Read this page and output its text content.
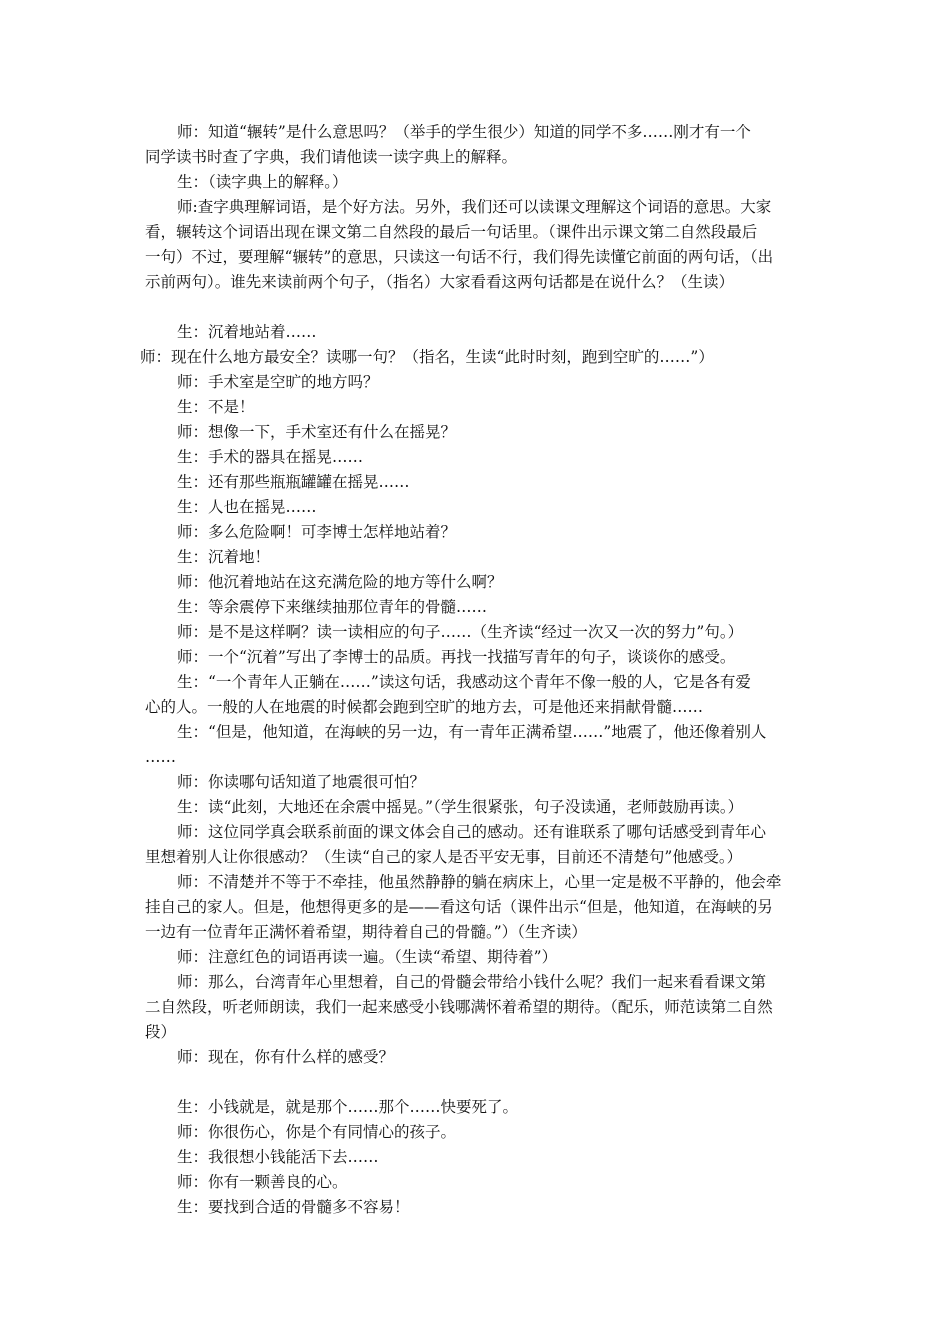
师：知道“辗转”是什么意思吗？（举手的学生很少）知道的同学不多……刚才有一个
同学读书时查了字典，我们请他读一读字典上的解释。
生：（读字典上的解释。）
师:查字典理解词语，是个好方法。另外，我们还可以读课文理解这个词语的意思。大家
看，辗转这个词语出现在课文第二自然段的最后一句话里。（课件出示课文第二自然段最后
一句）不过，要理解“辗转”的意思，只读这一句话不行，我们得先读懂它前面的两句话，（出
示前两句）。谁先来读前两个句子，（指名）大家看看这两句话都是在说什么？（生读）
生：沉着地站着……
师：现在什么地方最安全？读哪一句？（指名，生读“此时时刻，跑到空旷的……”）
师：手术室是空旷的地方吗？
生：不是！
师：想像一下，手术室还有什么在摇晃？
生：手术的器具在摇晃……
生：还有那些瓶瓶罐罐在摇晃……
生：人也在摇晃……
师：多么危险啊！可李博士怎样地站着？
生：沉着地！
师：他沉着地站在这充满危险的地方等什么啊？
生：等余震停下来继续抽那位青年的骨髓……
师：是不是这样啊？读一读相应的句子……（生齐读“经过一次又一次的努力”句。）
师：一个“沉着”写出了李博士的品质。再找一找描写青年的句子，谈谈你的感受。
生：“一个青年人正躺在……”读这句话，我感动这个青年不像一般的人，它是各有爱
心的人。一般的人在地震的时候都会跑到空旷的地方去，可是他还来捐献骨髓……
生：“但是，他知道，在海峡的另一边，有一青年正满希望……”地震了，他还像着别人
……
师：你读哪句话知道了地震很可怕？
生：读“此刻，大地还在余震中摇晃。”（学生很紧张，句子没读通，老师鼓励再读。）
师：这位同学真会联系前面的课文体会自己的感动。还有谁联系了哪句话感受到青年心
里想着别人让你很感动？（生读“自己的家人是否平安无事，目前还不清楚句”他感受。）
师：不清楚并不等于不牵挂，他虽然静静的躺在病床上，心里一定是极不平静的，他会牵
挂自己的家人。但是，他想得更多的是——看这句话（课件出示“但是，他知道，在海峡的另
一边有一位青年正满怀着希望，期待着自己的骨髓。”）（生齐读）
师：注意红色的词语再读一遍。（生读“希望、期待着”）
师：那么，台湾青年心里想着，自己的骨髓会带给小钱什么呢？我们一起来看看课文第
二自然段，听老师朗读，我们一起来感受小钱哪满怀着希望的期待。（配乐，师范读第二自然
段）
师：现在，你有什么样的感受？
生：小钱就是，就是那个……那个……快要死了。
师：你很伤心，你是个有同情心的孩子。
生：我很想小钱能活下去……
师：你有一颗善良的心。
生：要找到合适的骨髓多不容易！
